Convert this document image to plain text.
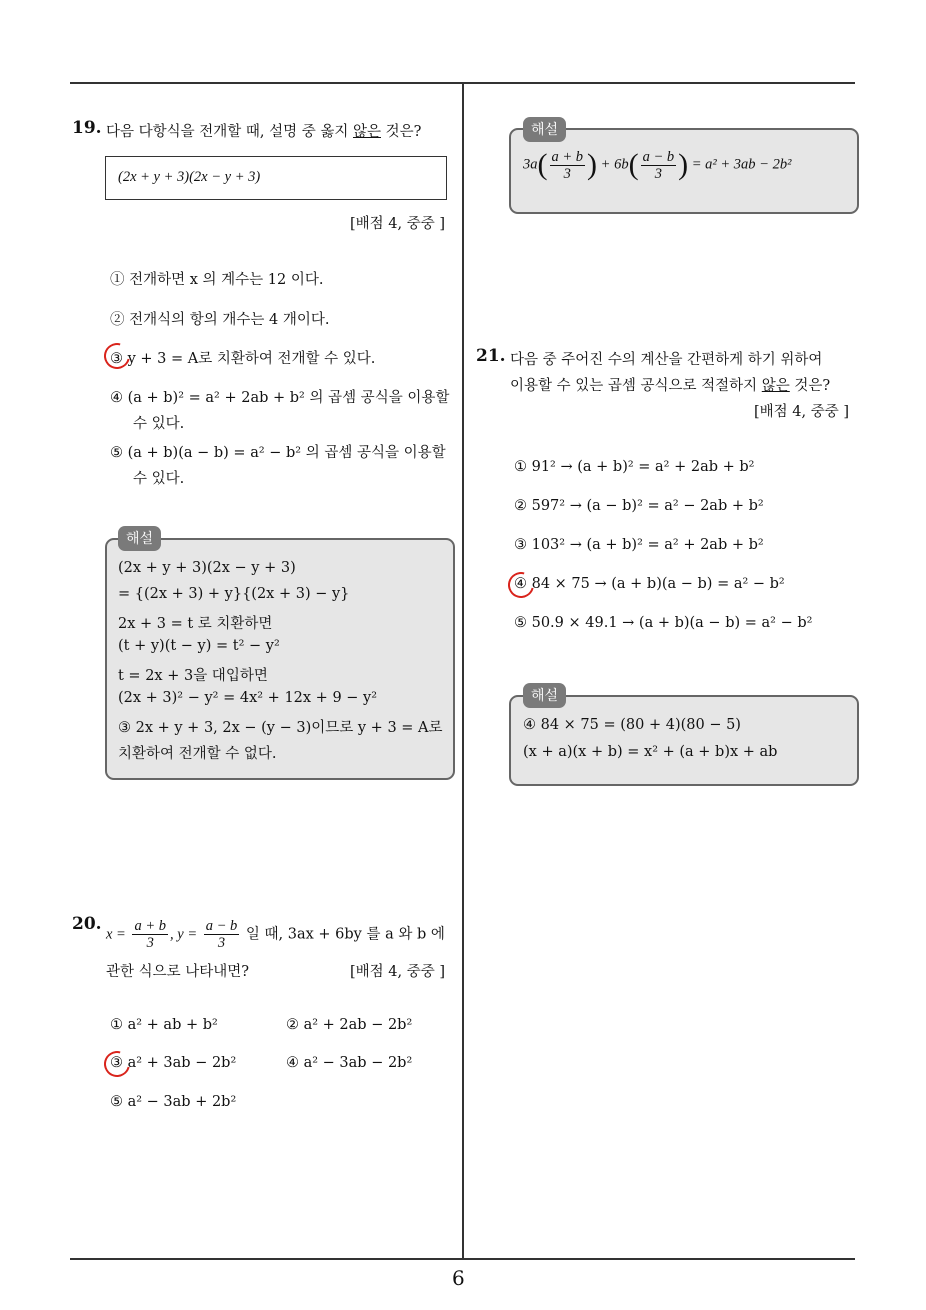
6
19. 다음 다항식을 전개할 때, 설명 중 옳지 않은 것은?
(2x + y + 3)(2x − y + 3)
[배점 4, 중중 ]
① 전개하면 x 의 계수는 12 이다.
② 전개식의 항의 개수는 4 개이다.
③ y + 3 = A로 치환하여 전개할 수 있다.
④ (a + b)² = a² + 2ab + b² 의 곱셈 공식을 이용할
수 있다.
⑤ (a + b)(a − b) = a² − b² 의 곱셈 공식을 이용할
수 있다.
(2x + y + 3)(2x − y + 3)
= {(2x + 3) + y}{(2x + 3) − y}
2x + 3 = t 로 치환하면
(t + y)(t − y) = t² − y²
t = 2x + 3을 대입하면
(2x + 3)² − y² = 4x² + 12x + 9 − y²
③ 2x + y + 3, 2x − (y − 3)이므로 y + 3 = A로
치환하여 전개할 수 없다.
해설
20.
$x = \frac{a + b}{3}$ , $y = \frac{a - b}{3}$ 일 때, 3ax + 6by 를 a 와 b 에
관한 식으로 나타내면?	[배점 4, 중중 ]
① a² + ab + b²	② a² + 2ab − 2b²
③ a² + 3ab − 2b²	④ a² − 3ab − 2b²
⑤ a² − 3ab + 2b²
$3a( \frac{a + b}{3}$ ) + $6b( \frac{a - b}{3}$ ) = a² + 3ab − 2b²
해설
21. 다음 중 주어진 수의 계산을 간편하게 하기 위하여
이용할 수 있는 곱셈 공식으로 적절하지 않은 것은?
[배점 4, 중중 ]
① 91² → (a + b)² = a² + 2ab + b²
② 597² → (a − b)² = a² − 2ab + b²
③ 103² → (a + b)² = a² + 2ab + b²
④ 84 × 75 → (a + b)(a − b) = a² − b²
⑤ 50.9 × 49.1 → (a + b)(a − b) = a² − b²
④ 84 × 75 = (80 + 4)(80 − 5)
(x + a)(x + b) = x² + (a + b)x + ab
해설
